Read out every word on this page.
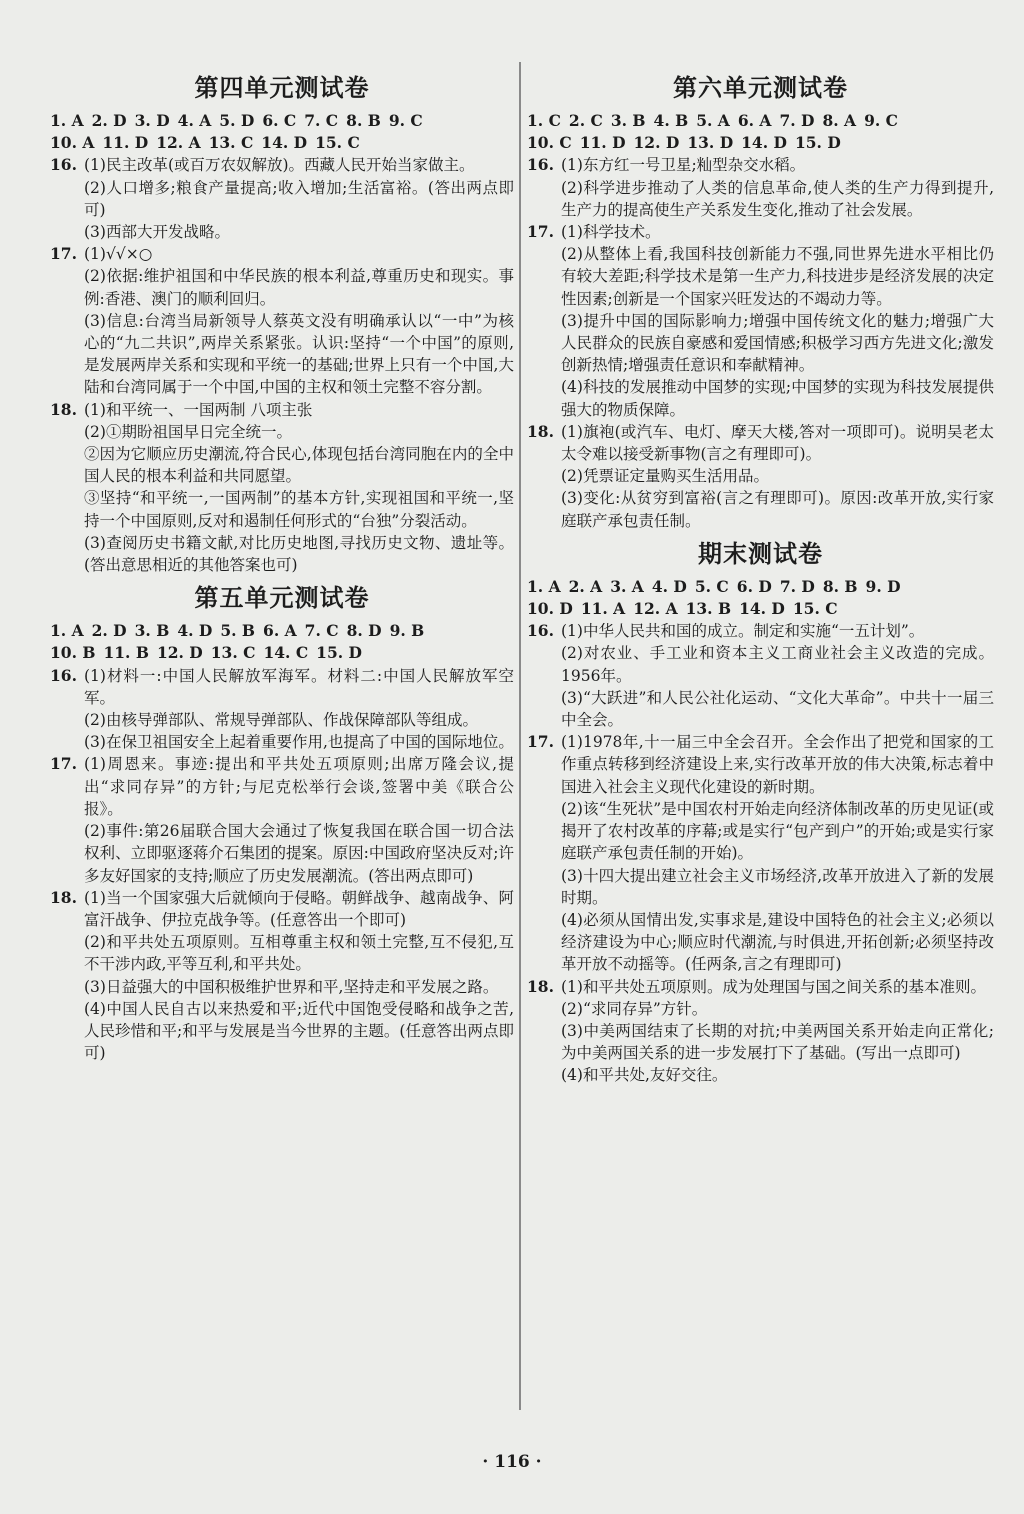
第四单元测试卷
1. A 2. D 3. D 4. A 5. D 6. C 7. C 8. B 9. C
10. A 11. D 12. A 13. C 14. D 15. C
16. (1)民主改革(或百万农奴解放)。西藏人民开始当家做主。
(2)人口增多;粮食产量提高;收入增加;生活富裕。(答出两点即可)
(3)西部大开发战略。
17. (1)√√×○
(2)依据:维护祖国和中华民族的根本利益,尊重历史和现实。事例:香港、澳门的顺利回归。
(3)信息:台湾当局新领导人蔡英文没有明确承认以“一中”为核心的“九二共识”,两岸关系紧张。认识:坚持“一个中国”的原则,是发展两岸关系和实现和平统一的基础;世界上只有一个中国,大陆和台湾同属于一个中国,中国的主权和领土完整不容分割。
18. (1)和平统一、一国两制 八项主张
(2)①期盼祖国早日完全统一。
②因为它顺应历史潮流,符合民心,体现包括台湾同胞在内的全中国人民的根本利益和共同愿望。
③坚持“和平统一,一国两制”的基本方针,实现祖国和平统一,坚持一个中国原则,反对和遏制任何形式的“台独”分裂活动。
(3)查阅历史书籍文献,对比历史地图,寻找历史文物、遗址等。(答出意思相近的其他答案也可)
第五单元测试卷
1. A 2. D 3. B 4. D 5. B 6. A 7. C 8. D 9. B
10. B 11. B 12. D 13. C 14. C 15. D
16. (1)材料一:中国人民解放军海军。材料二:中国人民解放军空军。
(2)由核导弹部队、常规导弹部队、作战保障部队等组成。
(3)在保卫祖国安全上起着重要作用,也提高了中国的国际地位。
17. (1)周恩来。事迹:提出和平共处五项原则;出席万隆会议,提出“求同存异”的方针;与尼克松举行会谈,签署中美《联合公报》。
(2)事件:第26届联合国大会通过了恢复我国在联合国一切合法权利、立即驱逐蒋介石集团的提案。原因:中国政府坚决反对;许多友好国家的支持;顺应了历史发展潮流。(答出两点即可)
18. (1)当一个国家强大后就倾向于侵略。朝鲜战争、越南战争、阿富汗战争、伊拉克战争等。(任意答出一个即可)
(2)和平共处五项原则。互相尊重主权和领土完整,互不侵犯,互不干涉内政,平等互利,和平共处。
(3)日益强大的中国积极维护世界和平,坚持走和平发展之路。
(4)中国人民自古以来热爱和平;近代中国饱受侵略和战争之苦,人民珍惜和平;和平与发展是当今世界的主题。(任意答出两点即可)
第六单元测试卷
1. C 2. C 3. B 4. B 5. A 6. A 7. D 8. A 9. C
10. C 11. D 12. D 13. D 14. D 15. D
16. (1)东方红一号卫星;籼型杂交水稻。
(2)科学进步推动了人类的信息革命,使人类的生产力得到提升,生产力的提高使生产关系发生变化,推动了社会发展。
17. (1)科学技术。
(2)从整体上看,我国科技创新能力不强,同世界先进水平相比仍有较大差距;科学技术是第一生产力,科技进步是经济发展的决定性因素;创新是一个国家兴旺发达的不竭动力等。
(3)提升中国的国际影响力;增强中国传统文化的魅力;增强广大人民群众的民族自豪感和爱国情感;积极学习西方先进文化;激发创新热情;增强责任意识和奉献精神。
(4)科技的发展推动中国梦的实现;中国梦的实现为科技发展提供强大的物质保障。
18. (1)旗袍(或汽车、电灯、摩天大楼,答对一项即可)。说明吴老太太令难以接受新事物(言之有理即可)。
(2)凭票证定量购买生活用品。
(3)变化:从贫穷到富裕(言之有理即可)。原因:改革开放,实行家庭联产承包责任制。
期末测试卷
1. A 2. A 3. A 4. D 5. C 6. D 7. D 8. B 9. D
10. D 11. A 12. A 13. B 14. D 15. C
16. (1)中华人民共和国的成立。制定和实施“一五计划”。
(2)对农业、手工业和资本主义工商业社会主义改造的完成。1956年。
(3)“大跃进”和人民公社化运动、“文化大革命”。中共十一届三中全会。
17. (1)1978年,十一届三中全会召开。全会作出了把党和国家的工作重点转移到经济建设上来,实行改革开放的伟大决策,标志着中国进入社会主义现代化建设的新时期。
(2)该“生死状”是中国农村开始走向经济体制改革的历史见证(或揭开了农村改革的序幕;或是实行“包产到户”的开始;或是实行家庭联产承包责任制的开始)。
(3)十四大提出建立社会主义市场经济,改革开放进入了新的发展时期。
(4)必须从国情出发,实事求是,建设中国特色的社会主义;必须以经济建设为中心;顺应时代潮流,与时俱进,开拓创新;必须坚持改革开放不动摇等。(任两条,言之有理即可)
18. (1)和平共处五项原则。成为处理国与国之间关系的基本准则。
(2)“求同存异”方针。
(3)中美两国结束了长期的对抗;中美两国关系开始走向正常化;为中美两国关系的进一步发展打下了基础。(写出一点即可)
(4)和平共处,友好交往。
· 116 ·
